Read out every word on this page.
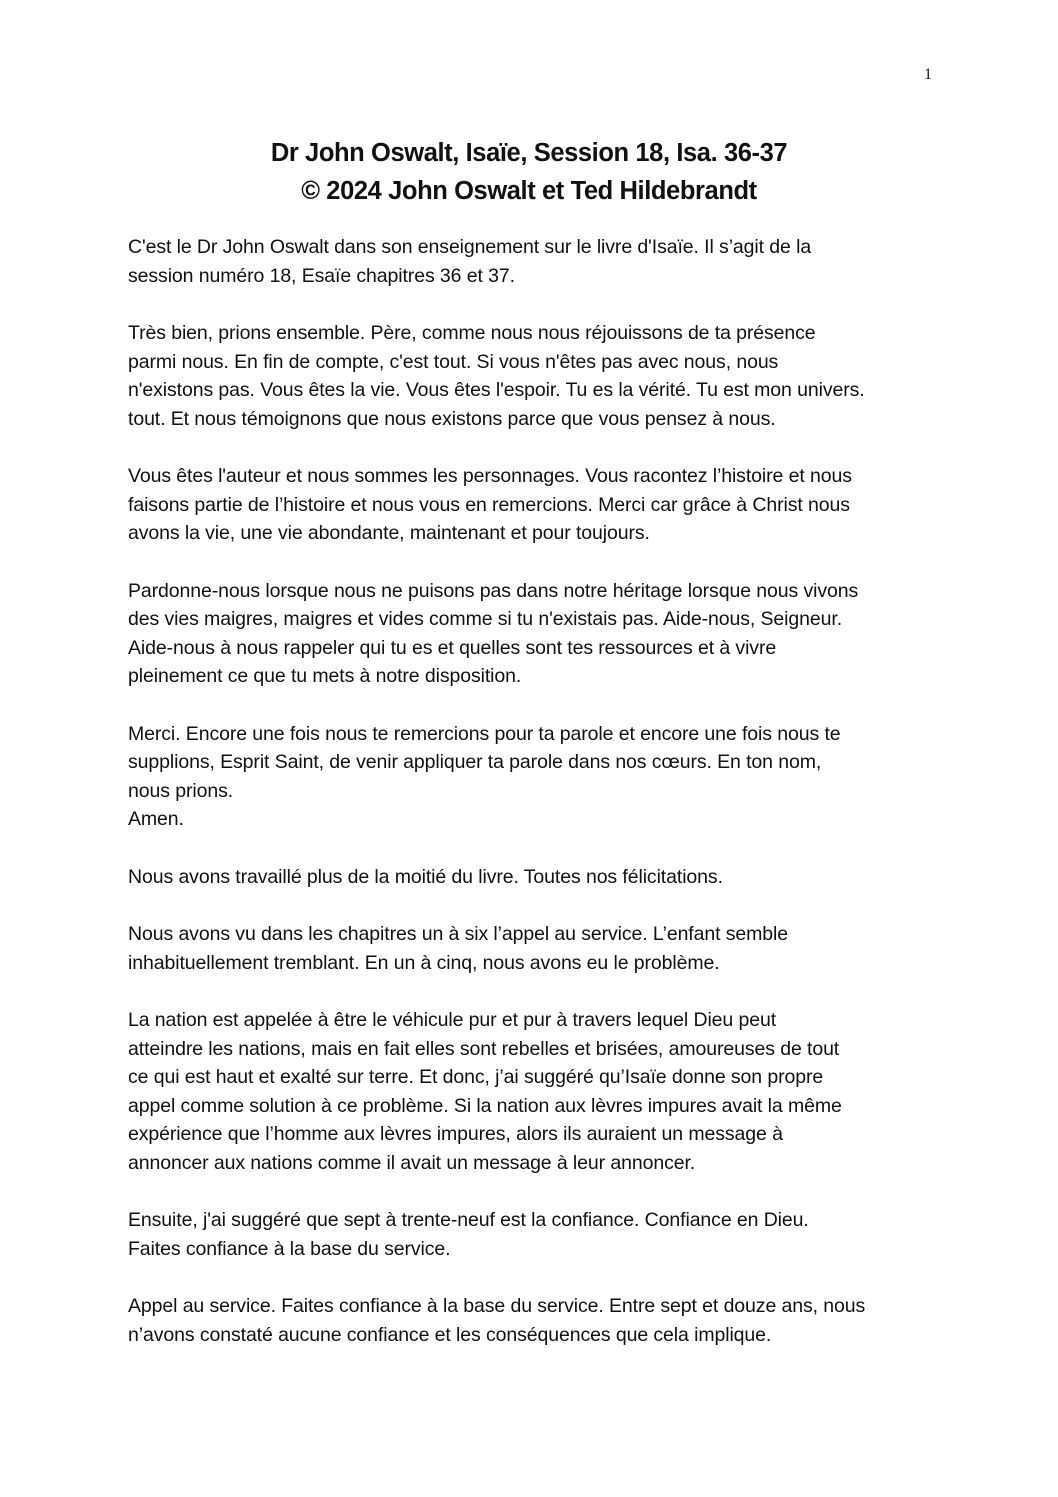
1

Dr John Oswalt, Isaïe, Session 18, Isa. 36-37
© 2024 John Oswalt et Ted Hildebrandt

C'est le Dr John Oswalt dans son enseignement sur le livre d'Isaïe. Il s’agit de la
session numéro 18, Esaïe chapitres 36 et 37.

Très bien, prions ensemble. Père, comme nous nous réjouissons de ta présence
parmi nous. En fin de compte, c'est tout. Si vous n'êtes pas avec nous, nous
n'existons pas. Vous êtes la vie. Vous êtes l'espoir. Tu es la vérité. Tu est mon univers.
tout. Et nous témoignons que nous existons parce que vous pensez à nous.

Vous êtes l'auteur et nous sommes les personnages. Vous racontez l’histoire et nous
faisons partie de l’histoire et nous vous en remercions. Merci car grâce à Christ nous
avons la vie, une vie abondante, maintenant et pour toujours.

Pardonne-nous lorsque nous ne puisons pas dans notre héritage lorsque nous vivons
des vies maigres, maigres et vides comme si tu n'existais pas. Aide-nous, Seigneur.
Aide-nous à nous rappeler qui tu es et quelles sont tes ressources et à vivre
pleinement ce que tu mets à notre disposition.

Merci. Encore une fois nous te remercions pour ta parole et encore une fois nous te
supplions, Esprit Saint, de venir appliquer ta parole dans nos cœurs. En ton nom,
nous prions.
Amen.

Nous avons travaillé plus de la moitié du livre. Toutes nos félicitations.

Nous avons vu dans les chapitres un à six l’appel au service. L’enfant semble
inhabituellement tremblant. En un à cinq, nous avons eu le problème.

La nation est appelée à être le véhicule pur et pur à travers lequel Dieu peut
atteindre les nations, mais en fait elles sont rebelles et brisées, amoureuses de tout
ce qui est haut et exalté sur terre. Et donc, j’ai suggéré qu’Isaïe donne son propre
appel comme solution à ce problème. Si la nation aux lèvres impures avait la même
expérience que l’homme aux lèvres impures, alors ils auraient un message à
annoncer aux nations comme il avait un message à leur annoncer.

Ensuite, j'ai suggéré que sept à trente-neuf est la confiance. Confiance en Dieu.
Faites confiance à la base du service.

Appel au service. Faites confiance à la base du service. Entre sept et douze ans, nous
n’avons constaté aucune confiance et les conséquences que cela implique.
